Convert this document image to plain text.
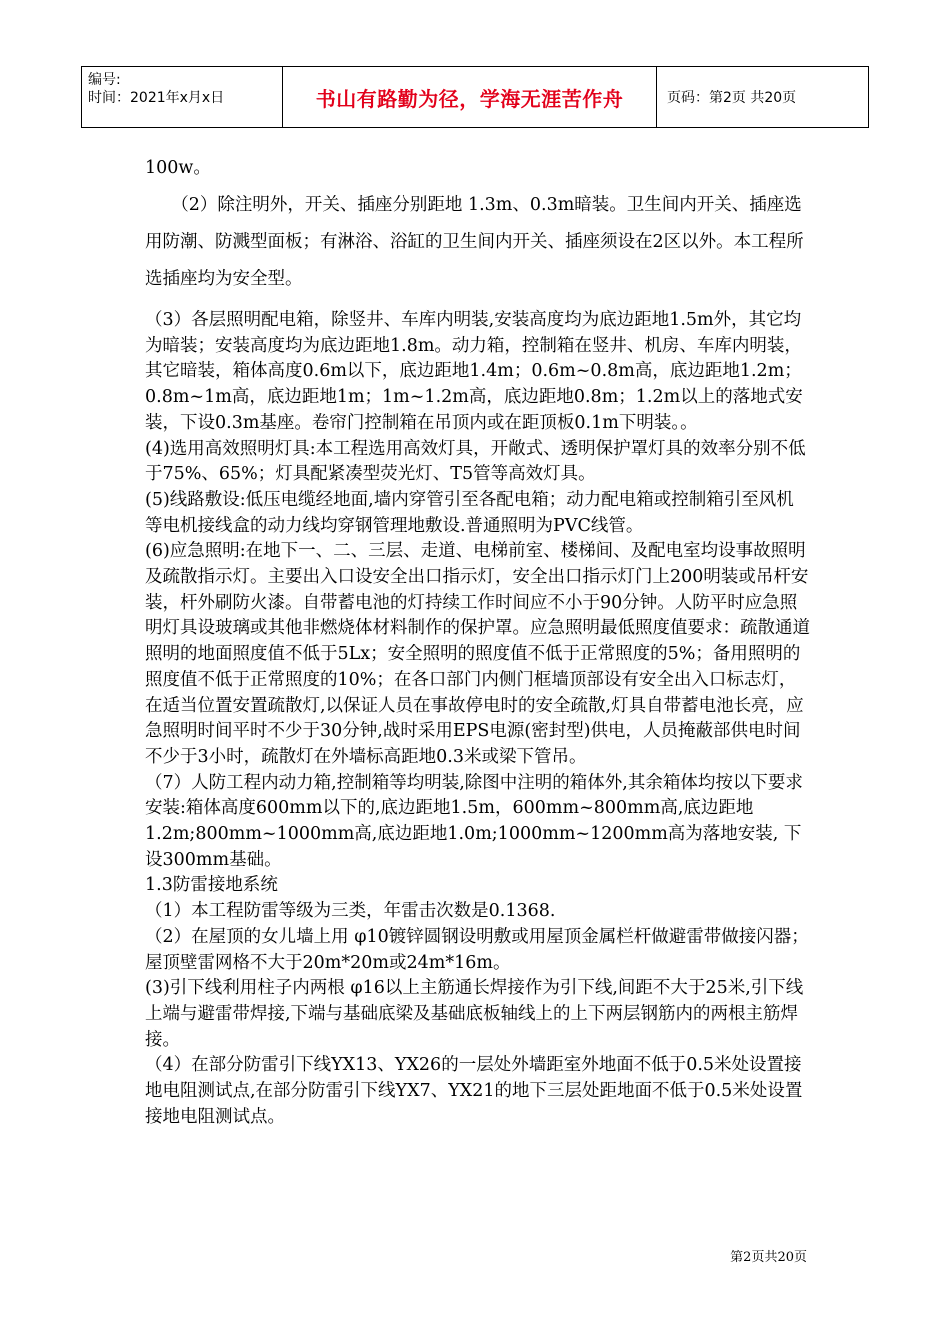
编号:
时间：2021年x月x日	书山有路勤为径，学海无涯苦作舟	页码：第2页 共20页

100w。

　　（2）除注明外，开关、插座分别距地 1.3m、0.3m暗装。卫生间内开关、插座选用防潮、防溅型面板；有淋浴、浴缸的卫生间内开关、插座须设在2区以外。本工程所选插座均为安全型。

（3）各层照明配电箱，除竖井、车库内明装,安装高度均为底边距地1.5m外，其它均为暗装；安装高度均为底边距地1.8m。动力箱，控制箱在竖井、机房、车库内明装，其它暗装，箱体高度0.6m以下，底边距地1.4m；0.6m~0.8m高，底边距地1.2m；0.8m~1m高，底边距地1m；1m~1.2m高，底边距地0.8m；1.2m以上的落地式安装，下设0.3m基座。卷帘门控制箱在吊顶内或在距顶板0.1m下明装。。

(4)选用高效照明灯具:本工程选用高效灯具，开敞式、透明保护罩灯具的效率分别不低于75%、65%；灯具配紧凑型荧光灯、T5管等高效灯具。

(5)线路敷设:低压电缆经地面,墙内穿管引至各配电箱；动力配电箱或控制箱引至风机等电机接线盒的动力线均穿钢管理地敷设.普通照明为PVC线管。

(6)应急照明:在地下一、二、三层、走道、电梯前室、楼梯间、及配电室均设事故照明及疏散指示灯。主要出入口设安全出口指示灯，安全出口指示灯门上200明装或吊杆安装，杆外刷防火漆。自带蓄电池的灯持续工作时间应不小于90分钟。人防平时应急照明灯具设玻璃或其他非燃烧体材料制作的保护罩。应急照明最低照度值要求：疏散通道照明的地面照度值不低于5Lx；安全照明的照度值不低于正常照度的5%；备用照明的照度值不低于正常照度的10%；在各口部门内侧门框墙顶部设有安全出入口标志灯，在适当位置安置疏散灯,以保证人员在事故停电时的安全疏散,灯具自带蓄电池长亮，应急照明时间平时不少于30分钟,战时采用EPS电源(密封型)供电，人员掩蔽部供电时间不少于3小时，疏散灯在外墙标高距地0.3米或梁下管吊。

（7）人防工程内动力箱,控制箱等均明装,除图中注明的箱体外,其余箱体均按以下要求安装:箱体高度600mm以下的,底边距地1.5m，600mm~800mm高,底边距地1.2m;800mm~1000mm高,底边距地1.0m;1000mm~1200mm高为落地安装, 下设300mm基础。

1.3防雷接地系统

（1）本工程防雷等级为三类，年雷击次数是0.1368.

（2）在屋顶的女儿墙上用 φ10镀锌圆钢设明敷或用屋顶金属栏杆做避雷带做接闪器；屋顶壁雷网格不大于20m*20m或24m*16m。

(3)引下线利用柱子内两根 φ16以上主筋通长焊接作为引下线,间距不大于25米,引下线上端与避雷带焊接,下端与基础底梁及基础底板轴线上的上下两层钢筋内的两根主筋焊接。

（4）在部分防雷引下线YX13、YX26的一层处外墙距室外地面不低于0.5米处设置接地电阻测试点,在部分防雷引下线YX7、YX21的地下三层处距地面不低于0.5米处设置接地电阻测试点。

第2页共20页
